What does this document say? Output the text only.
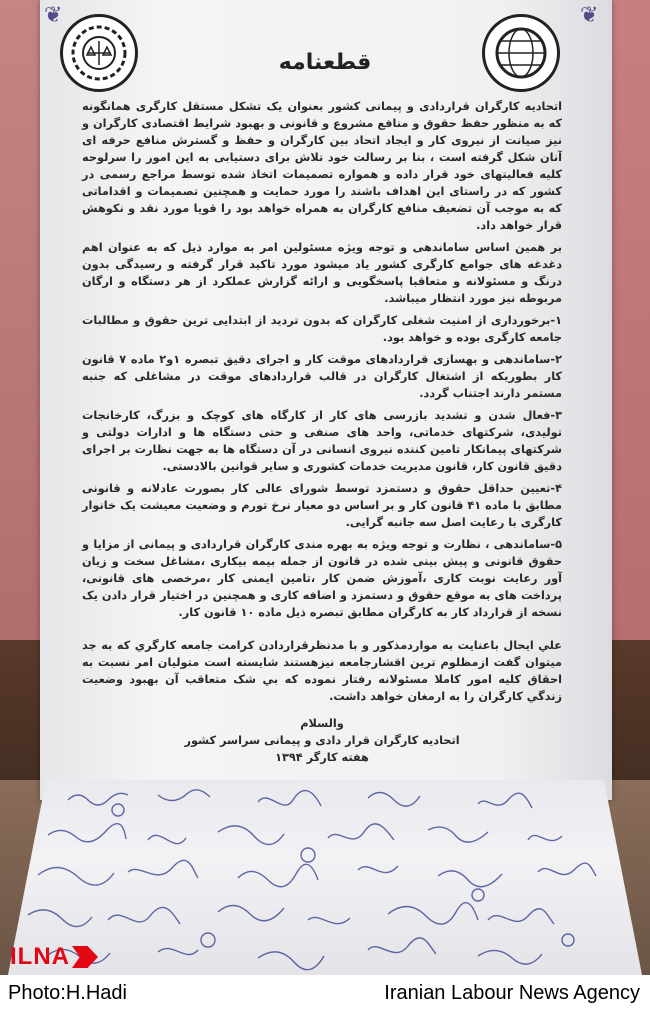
❦	❦
قطعنامه

اتحادیه کارگران قراردادی و پیمانی کشور بعنوان یک تشکل مستقل کارگری همانگونه که به منظور حفظ حقوق و منافع مشروع و قانونی و بهبود شرایط اقتصادی کارگران و نیز صیانت از نیروی کار و ایجاد اتحاد بین کارگران و حفظ و گسترش منافع حرفه ای آنان شکل گرفته است ، بنا بر رسالت خود تلاش برای دستیابی به این امور را سرلوحه کلیه فعالیتهای خود قرار داده و همواره تصمیمات اتخاذ شده توسط مراجع رسمی در کشور که در راستای این اهداف باشند را مورد حمایت و همچنین تصمیمات و اقداماتی که به موجب آن تضعیف منافع کارگران به همراه خواهد بود را قویا مورد نقد و نکوهش قرار خواهد داد.

بر همین اساس ساماندهی و توجه ویژه مسئولین امر به موارد ذیل که به عنوان اهم دغدغه های جوامع کارگری کشور یاد میشود مورد تاکید قرار گرفته و رسیدگی بدون درنگ و مسئولانه و متعاقبا پاسخگویی و ارائه گزارش عملکرد از هر دستگاه و ارگان مربوطه نیز مورد انتظار میباشد.

۱-برخورداری از امنیت شغلی کارگران که بدون تردید از ابتدایی ترین حقوق و مطالبات جامعه کارگری بوده و خواهد بود.

۲-ساماندهی و بهسازی قراردادهای موقت کار و اجرای دقیق تبصره ۱و۲ ماده ۷ قانون کار بطوریکه از اشتغال کارگران در قالب قراردادهای موقت در مشاغلی که جنبه مستمر دارند اجتناب گردد.

۳-فعال شدن و تشدید بازرسی های کار از کارگاه های کوچک و بزرگ، کارخانجات تولیدی، شرکتهای خدماتی، واحد های صنفی و حتی دستگاه ها و ادارات دولتی و شرکتهای پیمانکار تامین کننده نیروی انسانی در آن دستگاه ها به جهت نظارت بر اجرای دقیق قانون کار، قانون مدیریت خدمات کشوری و سایر قوانین بالادستی.

۴-تعیین حداقل حقوق و دستمزد توسط شورای عالی کار بصورت عادلانه و قانونی مطابق با ماده ۴۱ قانون کار و بر اساس دو معیار نرخ تورم و وضعیت معیشت یک خانوار کارگری با رعایت اصل سه جانبه گرایی.

۵-ساماندهی ، نظارت و توجه ویژه به بهره مندی کارگران قراردادی و پیمانی از مزایا و حقوق قانونی و پیش بینی شده در قانون از جمله بیمه بیکاری ،مشاغل سخت و زیان آور رعایت نوبت کاری ،آموزش ضمن کار ،تامین ایمنی کار ،مرخصی های قانونی، پرداخت های به موقع حقوق و دستمزد و اضافه کاری و همچنین در اختیار قرار دادن یک نسخه از قرارداد کار به کارگران مطابق تبصره ذیل ماده ۱۰ قانون کار.

علي ايحال باعنايت به مواردمذکور و با مدنظرقراردادن کرامت جامعه کارگري که به جد ميتوان گفت ازمظلوم ترين اقشارجامعه نيزهستند شايسته است متوليان امر نسبت به احقاق کليه امور کاملا مسئولانه رفتار نموده که بي شک متعاقب آن بهبود وضعيت زندگي کارگران را به ارمغان خواهد داشت.

والسلام

اتحادیه کارگران قرار دادی و پیمانی سراسر کشور

هفته کارگر ۱۳۹۴

ILNA
Photo:H.Hadi	Iranian Labour News Agency
